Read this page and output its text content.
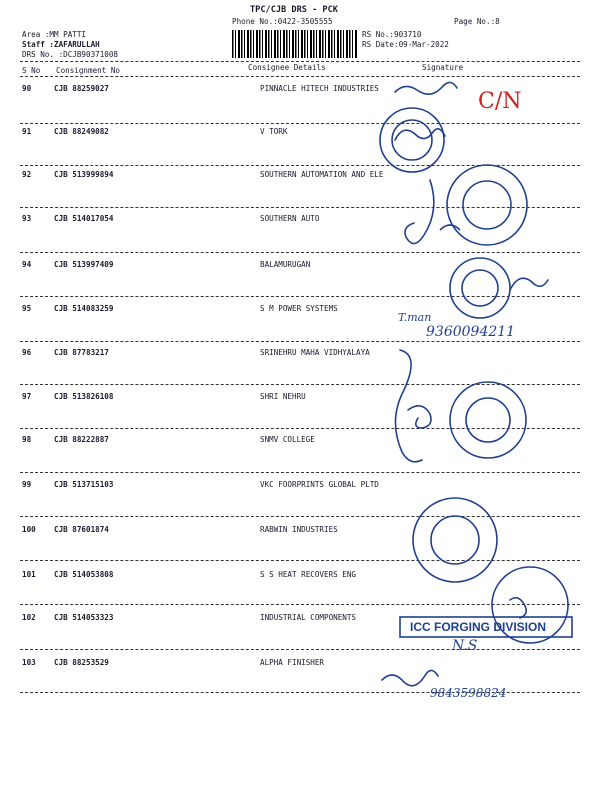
TPC/CJB DRS - PCK
Phone No.:0422-3505555	Page No.:8
Area :MM PATTI
Staff :ZAFARULLAH
DRS No. :DCJB90371008
RS No.:903710
RS Date:09-Mar-2022
S No Consignment No	Consignee Details	Signature
90	CJB 88259027	PINNACLE HITECH INDUSTRIES
91	CJB 88249082	V TORK
92	CJB 513999894	SOUTHERN AUTOMATION AND ELE
93	CJB 514017054	SOUTHERN AUTO
94	CJB 513997409	BALAMURUGAN
95	CJB 514083259	S M POWER SYSTEMS
96	CJB 87783217	SRINEHRU MAHA VIDHYALAYA
97	CJB 513826108	SHRI NEHRU
98	CJB 88222887	SNMV COLLEGE
99	CJB 513715103	VKC FOORPRINTS GLOBAL PLTD
100 CJB 87601874	RABWIN INDUSTRIES
101 CJB 514053808	S S HEAT RECOVERS ENG
102 CJB 514053323	INDUSTRIAL COMPONENTS
103 CJB 88253529	ALPHA FINISHER
C/N
T.man
9360094211
ICC FORGING DIVISION
N.S
9843598824
